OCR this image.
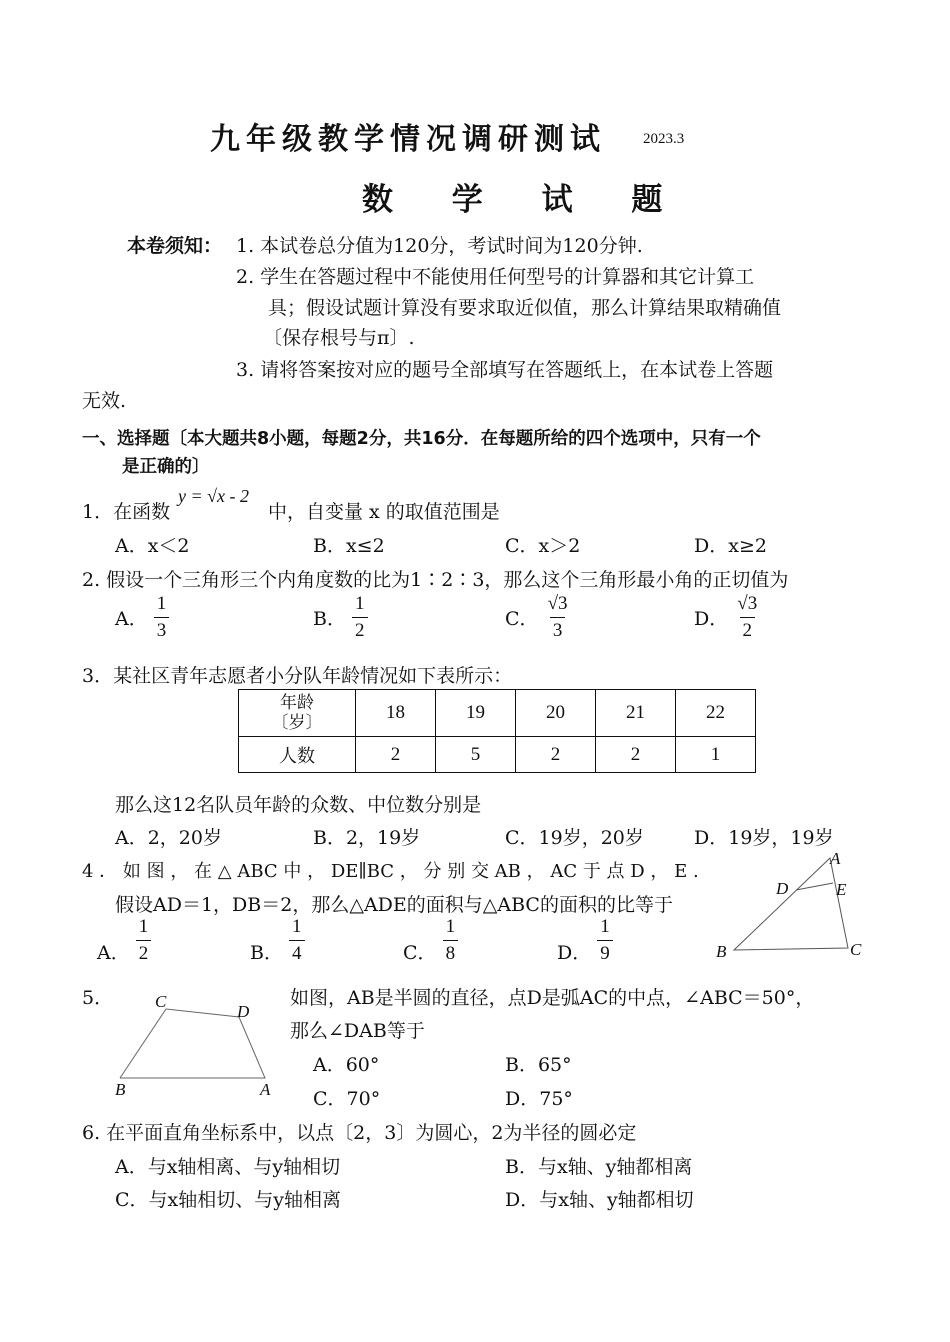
九年级教学情况调研测试 2023.3
数 学 试 题
本卷须知： 1. 本试卷总分值为120分，考试时间为120分钟.
2. 学生在答题过程中不能使用任何型号的计算器和其它计算工
具；假设试题计算没有要求取近似值，那么计算结果取精确值
〔保存根号与π〕.
3. 请将答案按对应的题号全部填写在答题纸上，在本试卷上答题
无效.
一、选择题〔本大题共8小题，每题2分，共16分．在每题所给的四个选项中，只有一个
是正确的〕
1．在函数
y = √x - 2
中，自变量 x 的取值范围是
A．x＜2	B．x≤2	C．x＞2	D．x≥2
2. 假设一个三角形三个内角度数的比为1∶2∶3，那么这个三角形最小角的正切值为
A． $\frac{1}{3}$	B． $\frac{1}{2}$	C． $\frac{√3}{3}$	D． $\frac{√3}{2}$
3．某社区青年志愿者小分队年龄情况如下表所示：
年龄
〔岁〕	18	19	20	21	22
人数	2	5	2	2	1
那么这12名队员年龄的众数、中位数分别是
A．2，20岁	B．2，19岁	C．19岁，20岁	D．19岁，19岁
4 ． 如 图 ， 在 △ ABC 中 ， DE∥BC ， 分 别 交 AB ， AC 于 点 D ， E .
假设AD＝1，DB＝2，那么△ADE的面积与△ABC的面积的比等于
A． $\frac{1}{2}$	B． $\frac{1}{4}$	C． $\frac{1}{8}$	D． $\frac{1}{9}$
A
D	E
B	C
5． C
D
B	A
如图，AB是半圆的直径，点D是弧AC的中点，∠ABC＝50°，
那么∠DAB等于
A．60°	B．65°
C．70°	D．75°
6. 在平面直角坐标系中，以点〔2，3〕为圆心，2为半径的圆必定
A．与x轴相离、与y轴相切	B．与x轴、y轴都相离
C．与x轴相切、与y轴相离	D．与x轴、y轴都相切
